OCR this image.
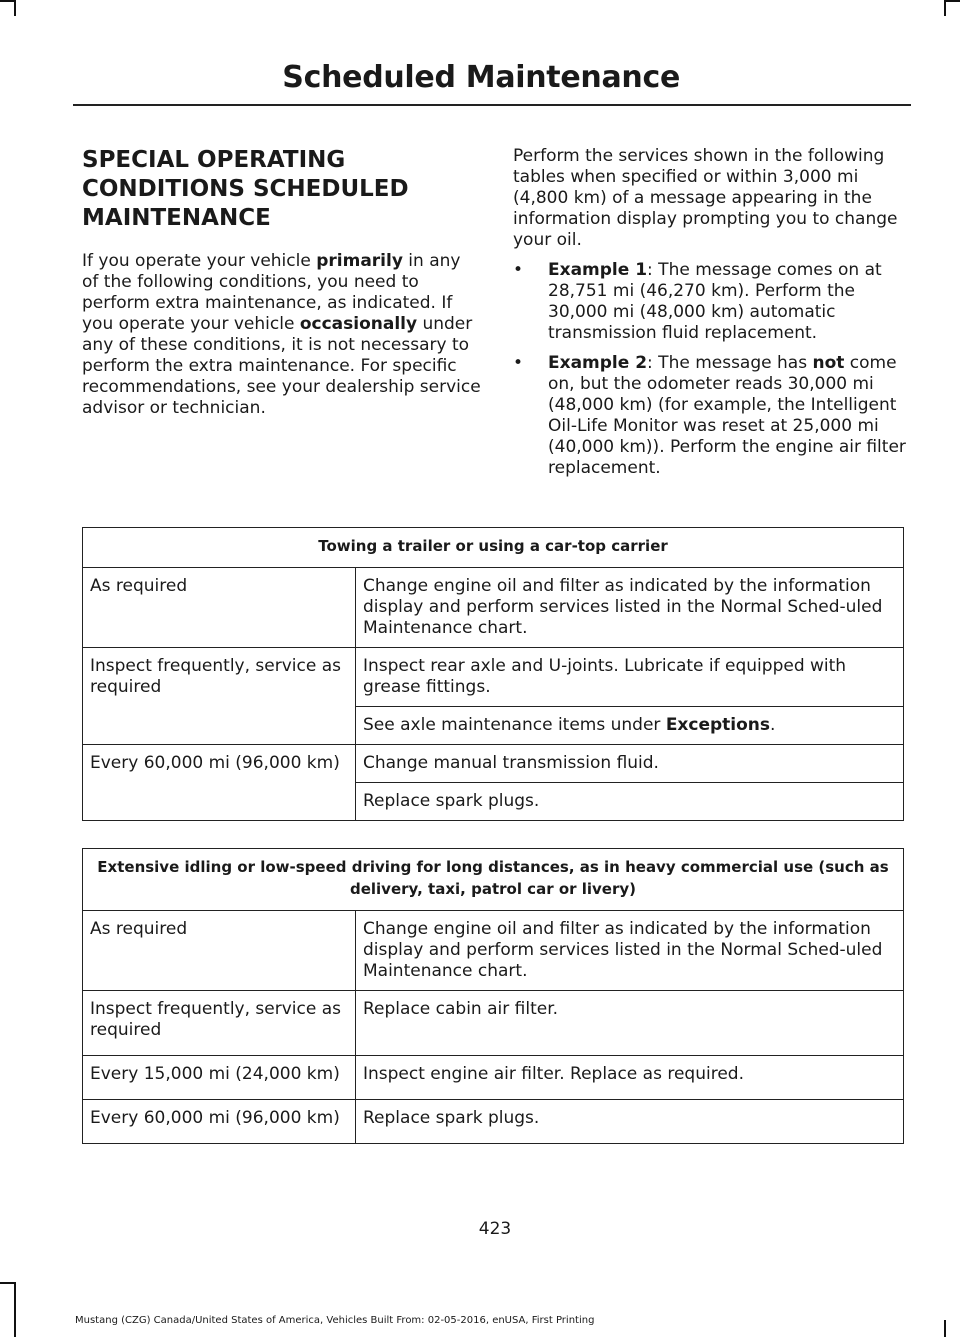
Scheduled Maintenance
SPECIAL OPERATING CONDITIONS SCHEDULED MAINTENANCE

If you operate your vehicle primarily in any of the following conditions, you need to perform extra maintenance, as indicated. If you operate your vehicle occasionally under any of these conditions, it is not necessary to perform the extra maintenance. For specific recommendations, see your dealership service advisor or technician.

Perform the services shown in the following tables when specified or within 3,000 mi (4,800 km) of a message appearing in the information display prompting you to change your oil.

• Example 1: The message comes on at 28,751 mi (46,270 km). Perform the 30,000 mi (48,000 km) automatic transmission fluid replacement.
• Example 2: The message has not come on, but the odometer reads 30,000 mi (48,000 km) (for example, the Intelligent Oil-Life Monitor was reset at 25,000 mi (40,000 km)). Perform the engine air filter replacement.
Towing a trailer or using a car-top carrier	
As required	Change engine oil and filter as indicated by the information display and perform services listed in the Normal Sched-uled Maintenance chart.
Inspect frequently, service as required	Inspect rear axle and U-joints. Lubricate if equipped with grease fittings.
	See axle maintenance items under Exceptions.
Every 60,000 mi (96,000 km)	Change manual transmission fluid.
	Replace spark plugs.
Extensive idling or low-speed driving for long distances, as in heavy commercial use (such as delivery, taxi, patrol car or livery)	
As required	Change engine oil and filter as indicated by the information display and perform services listed in the Normal Sched-uled Maintenance chart.
Inspect frequently, service as required	Replace cabin air filter.
Every 15,000 mi (24,000 km)	Inspect engine air filter. Replace as required.
Every 60,000 mi (96,000 km)	Replace spark plugs.
423
Mustang (CZG) Canada/United States of America, Vehicles Built From: 02-05-2016, enUSA, First Printing
